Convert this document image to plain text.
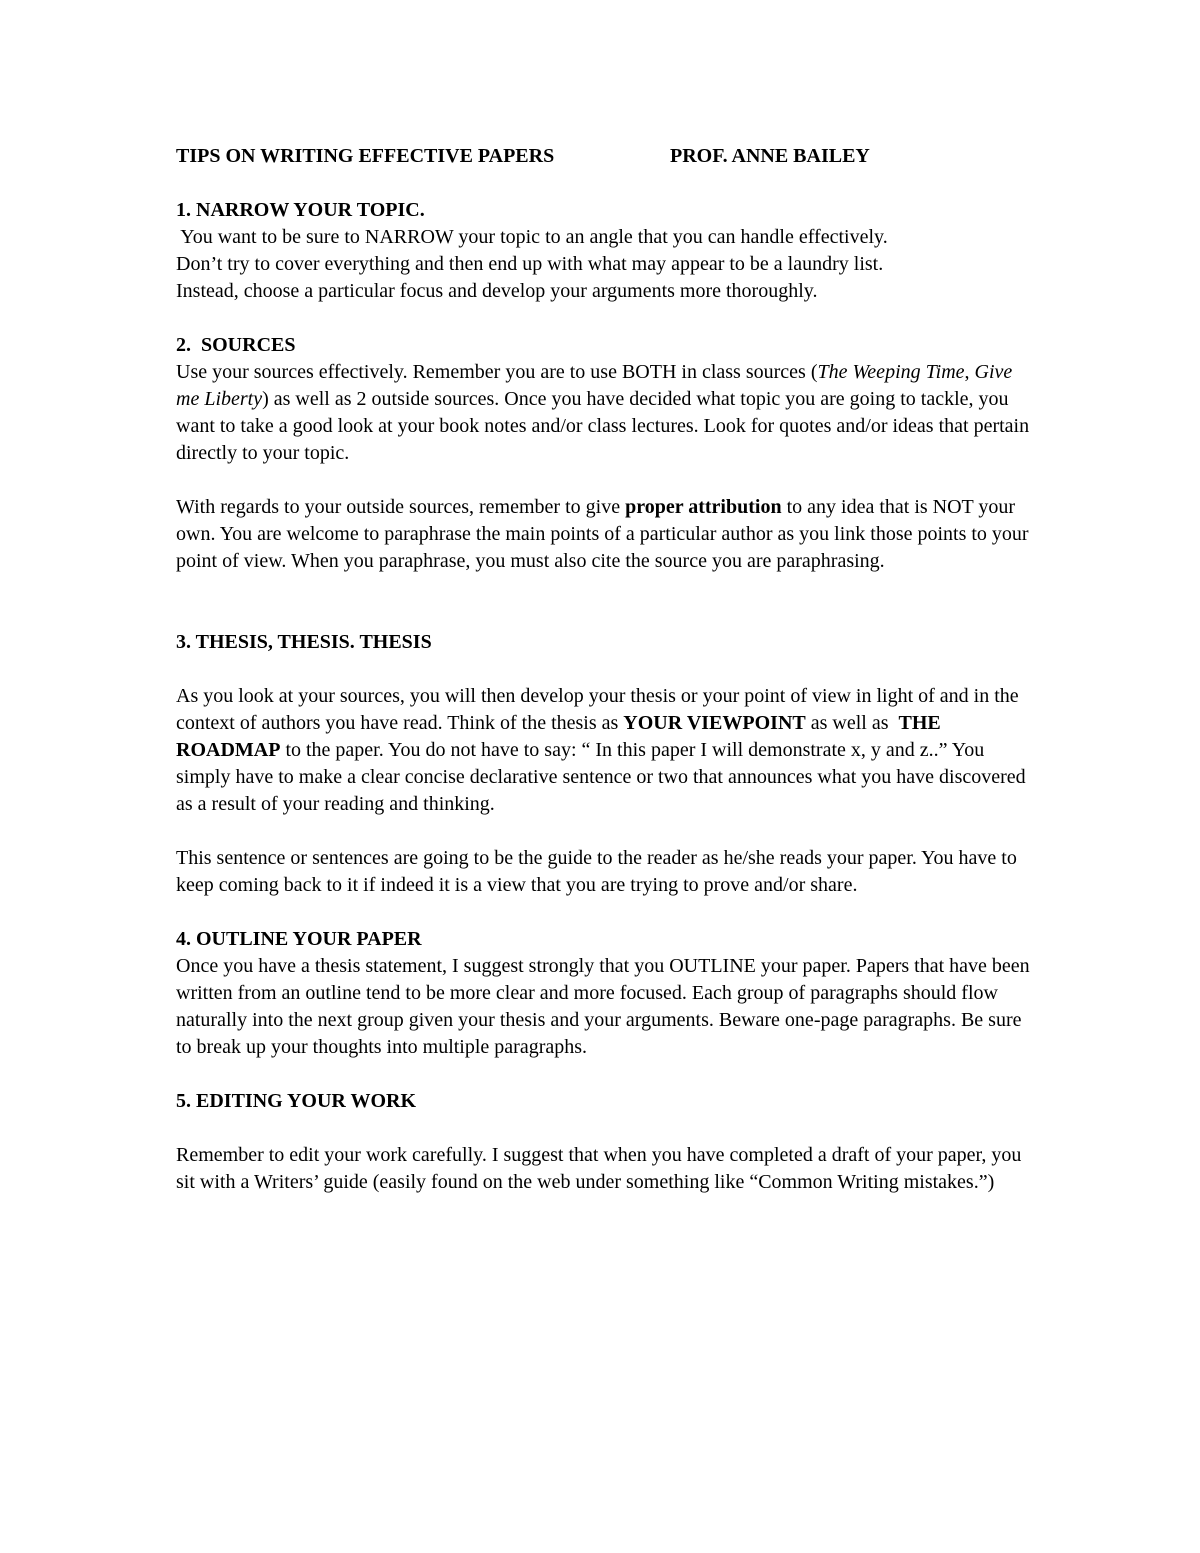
TIPS ON WRITING EFFECTIVE PAPERS	PROF. ANNE BAILEY
1. NARROW YOUR TOPIC.
You want to be sure to NARROW your topic to an angle that you can handle effectively.
Don’t try to cover everything and then end up with what may appear to be a laundry list.
Instead, choose a particular focus and develop your arguments more thoroughly.
2.  SOURCES

Use your sources effectively. Remember you are to use BOTH in class sources (The Weeping Time, Give me Liberty) as well as 2 outside sources. Once you have decided what topic you are going to tackle, you want to take a good look at your book notes and/or class lectures. Look for quotes and/or ideas that pertain directly to your topic.

With regards to your outside sources, remember to give proper attribution to any idea that is NOT your own. You are welcome to paraphrase the main points of a particular author as you link those points to your point of view. When you paraphrase, you must also cite the source you are paraphrasing.

3. THESIS, THESIS. THESIS

As you look at your sources, you will then develop your thesis or your point of view in light of and in the context of authors you have read. Think of the thesis as YOUR VIEWPOINT as well as  THE ROADMAP to the paper. You do not have to say: “ In this paper I will demonstrate x, y and z..” You simply have to make a clear concise declarative sentence or two that announces what you have discovered as a result of your reading and thinking.

This sentence or sentences are going to be the guide to the reader as he/she reads your paper. You have to keep coming back to it if indeed it is a view that you are trying to prove and/or share.

4. OUTLINE YOUR PAPER

Once you have a thesis statement, I suggest strongly that you OUTLINE your paper. Papers that have been written from an outline tend to be more clear and more focused. Each group of paragraphs should flow naturally into the next group given your thesis and your arguments. Beware one-page paragraphs. Be sure to break up your thoughts into multiple paragraphs.

5. EDITING YOUR WORK

Remember to edit your work carefully. I suggest that when you have completed a draft of your paper, you sit with a Writers’ guide (easily found on the web under something like “Common Writing mistakes.”)
